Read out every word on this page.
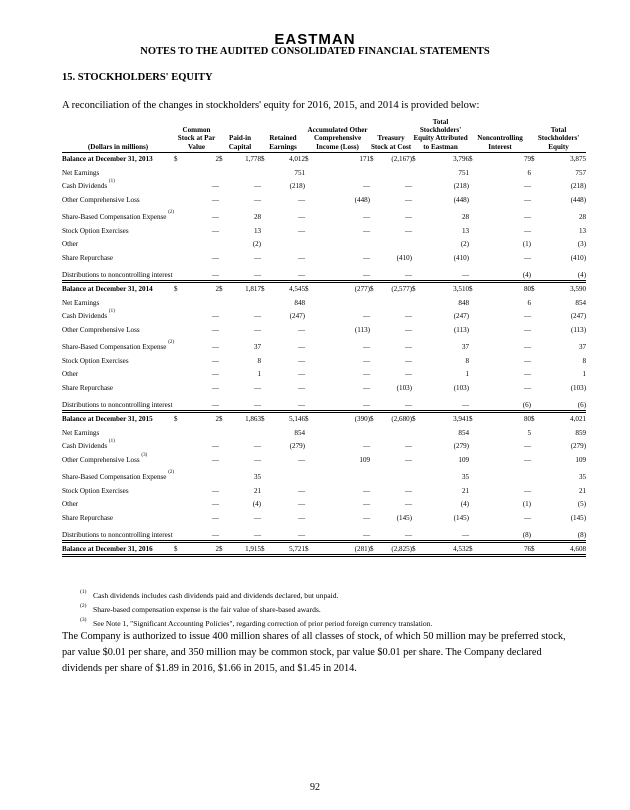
EASTMAN
NOTES TO THE AUDITED CONSOLIDATED FINANCIAL STATEMENTS
15. STOCKHOLDERS' EQUITY
A reconciliation of the changes in stockholders' equity for 2016, 2015, and 2014 is provided below:
(Dollars in millions)	Common Stock at Par Value		Paid-in Capital		Retained Earnings		Accumulated Other Comprehensive Income (Loss)		Treasury Stock at Cost		Total Stockholders' Equity Attributed to Eastman		Noncontrolling Interest		Total Stockholders' Equity	
Balance at December 31, 2013	$	2	$	1,778	$	4,012	$	171	$	(2,167)	$	3,796	$	79	$	3,875
Net Earnings						751						751		6		757
Cash Dividends $^{(1)}$		—		—		(218)		—		—		(218)		—		(218)
Other Comprehensive Loss		—		—		—		(448)		—		(448)		—		(448)
Share-Based Compensation Expense $^{(2)}$		—		28		—		—		—		28		—		28
Stock Option Exercises		—		13		—		—		—		13		—		13
Other				(2)								(2)		(1)		(3)
Share Repurchase		—		—		—		—		(410)		(410)		—		(410)
Distributions to noncontrolling interest		—		—		—		—		—		—		(4)		(4)
Balance at December 31, 2014	$	2	$	1,817	$	4,545	$	(277)	$	(2,577)	$	3,510	$	80	$	3,590
Net Earnings						848						848		6		854
Cash Dividends $^{(1)}$		—		—		(247)		—		—		(247)		—		(247)
Other Comprehensive Loss		—		—		—		(113)		—		(113)		—		(113)
Share-Based Compensation Expense $^{(2)}$		—		37		—		—		—		37		—		37
Stock Option Exercises		—		8		—		—		—		8		—		8
Other		—		1		—		—		—		1		—		1
Share Repurchase		—		—		—		—		(103)		(103)		—		(103)
Distributions to noncontrolling interest		—		—		—		—		—		—		(6)		(6)
Balance at December 31, 2015	$	2	$	1,863	$	5,146	$	(390)	$	(2,680)	$	3,941	$	80	$	4,021
Net Earnings						854						854		5		859
Cash Dividends $^{(1)}$		—		—		(279)		—		—		(279)		—		(279)
Other Comprehensive Loss $^{(3)}$		—		—		—		109		—		109		—		109
Share-Based Compensation Expense $^{(2)}$				35								35				35
Stock Option Exercises		—		21		—		—		—		21		—		21
Other		—		(4)		—		—		—		(4)		(1)		(5)
Share Repurchase		—		—		—		—		(145)		(145)		—		(145)
Distributions to noncontrolling interest		—		—		—		—		—		—		(8)		(8)
Balance at December 31, 2016	$	2	$	1,915	$	5,721	$	(281)	$	(2,825)	$	4,532	$	76	$	4,608
(1) Cash dividends includes cash dividends paid and dividends declared, but unpaid.
(2) Share-based compensation expense is the fair value of share-based awards.
(3) See Note 1, "Significant Accounting Policies", regarding correction of prior period foreign currency translation.
The Company is authorized to issue 400 million shares of all classes of stock, of which 50 million may be preferred stock, par value $0.01 per share, and 350 million may be common stock, par value $0.01 per share. The Company declared dividends per share of $1.89 in 2016, $1.66 in 2015, and $1.45 in 2014.
92
